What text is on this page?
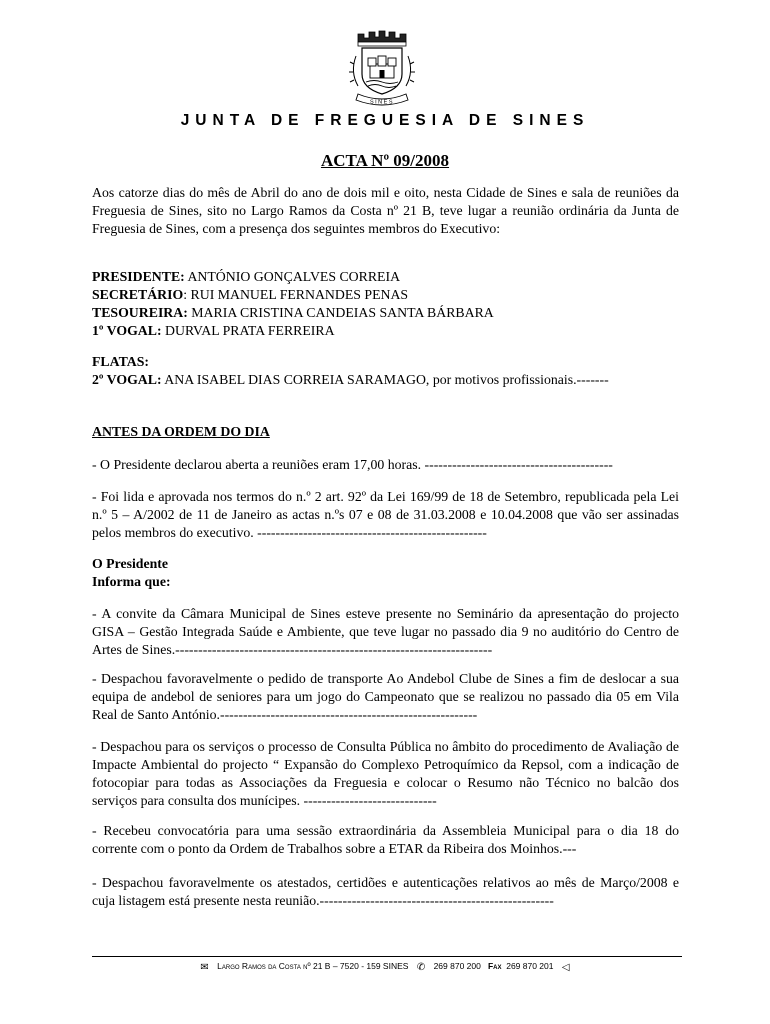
SINES
JUNTA DE FREGUESIA DE SINES
ACTA Nº 09/2008
Aos catorze dias do mês de Abril do ano de dois mil e oito, nesta Cidade de Sines e sala de reuniões da Freguesia de Sines, sito no Largo Ramos da Costa nº 21 B, teve lugar a reunião ordinária da Junta de Freguesia de Sines, com a presença dos seguintes membros do Executivo:
PRESIDENTE: ANTÓNIO GONÇALVES CORREIA
SECRETÁRIO: RUI MANUEL FERNANDES PENAS
TESOUREIRA: MARIA CRISTINA CANDEIAS SANTA BÁRBARA
1º VOGAL: DURVAL PRATA FERREIRA
FLATAS:
2º VOGAL: ANA ISABEL DIAS CORREIA SARAMAGO, por motivos profissionais.-------
ANTES DA ORDEM DO DIA
- O Presidente declarou aberta a reuniões eram 17,00 horas. -----------------------------------------
- Foi lida e aprovada nos termos do n.º 2 art. 92º da Lei 169/99 de 18 de Setembro, republicada pela Lei n.º 5 – A/2002 de 11 de Janeiro as actas n.ºs 07 e 08 de 31.03.2008 e 10.04.2008 que vão ser assinadas pelos membros do executivo. --------------------------------------------------
O Presidente
Informa que:
- A convite da Câmara Municipal de Sines esteve presente no Seminário da apresentação do projecto GISA – Gestão Integrada Saúde e Ambiente, que teve lugar no passado dia 9 no auditório do Centro de Artes de Sines.---------------------------------------------------------------------
- Despachou favoravelmente o pedido de transporte Ao Andebol Clube de Sines a fim de deslocar a sua equipa de andebol de seniores para um jogo do Campeonato que se realizou no passado dia 05 em Vila Real de Santo António.--------------------------------------------------------
- Despachou para os serviços o processo de Consulta Pública no âmbito do procedimento de Avaliação de Impacte Ambiental do projecto “ Expansão do Complexo Petroquímico da Repsol, com a indicação de fotocopiar para todas as Associações da Freguesia e colocar o Resumo não Técnico no balcão dos serviços para consulta dos munícipes. -----------------------------
- Recebeu convocatória para uma sessão extraordinária da Assembleia Municipal para o dia 18 do corrente com o ponto da Ordem de Trabalhos sobre a ETAR da Ribeira dos Moinhos.---
- Despachou favoravelmente os atestados, certidões e autenticações relativos ao mês de Março/2008 e cuja listagem está presente nesta reunião.---------------------------------------------------
✉ Largo Ramos da Costa nº 21 B – 7520 - 159 SINES ✆ 269 870 200 Fax 269 870 201 ◁
